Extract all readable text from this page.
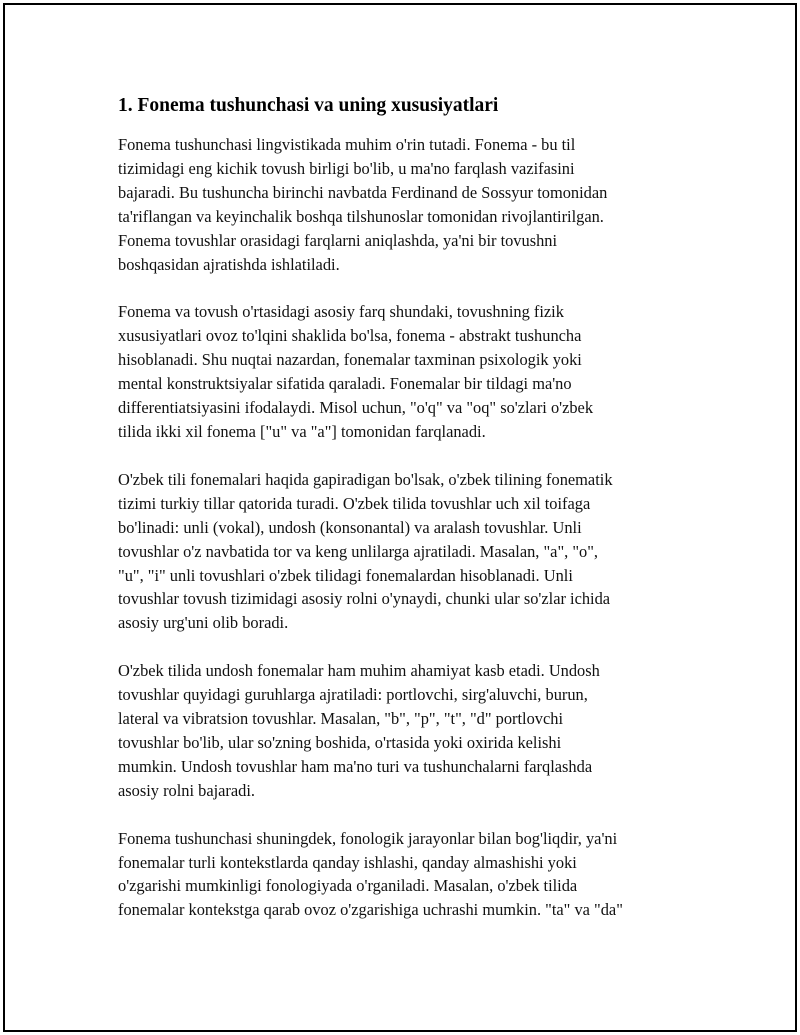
1. Fonema tushunchasi va uning xususiyatlari

Fonema tushunchasi lingvistikada muhim o'rin tutadi. Fonema - bu til
tizimidagi eng kichik tovush birligi bo'lib, u ma'no farqlash vazifasini
bajaradi. Bu tushuncha birinchi navbatda Ferdinand de Sossyur tomonidan
ta'riflangan va keyinchalik boshqa tilshunoslar tomonidan rivojlantirilgan.
Fonema tovushlar orasidagi farqlarni aniqlashda, ya'ni bir tovushni
boshqasidan ajratishda ishlatiladi.

Fonema va tovush o'rtasidagi asosiy farq shundaki, tovushning fizik
xususiyatlari ovoz to'lqini shaklida bo'lsa, fonema - abstrakt tushuncha
hisoblanadi. Shu nuqtai nazardan, fonemalar taxminan psixologik yoki
mental konstruktsiyalar sifatida qaraladi. Fonemalar bir tildagi ma'no
differentiatsiyasini ifodalaydi. Misol uchun, "o'q" va "oq" so'zlari o'zbek
tilida ikki xil fonema ["u" va "a"] tomonidan farqlanadi.

O'zbek tili fonemalari haqida gapiradigan bo'lsak, o'zbek tilining fonematik
tizimi turkiy tillar qatorida turadi. O'zbek tilida tovushlar uch xil toifaga
bo'linadi: unli (vokal), undosh (konsonantal) va aralash tovushlar. Unli
tovushlar o'z navbatida tor va keng unlilarga ajratiladi. Masalan, "a", "o",
"u", "i" unli tovushlari o'zbek tilidagi fonemalardan hisoblanadi. Unli
tovushlar tovush tizimidagi asosiy rolni o'ynaydi, chunki ular so'zlar ichida
asosiy urg'uni olib boradi.

O'zbek tilida undosh fonemalar ham muhim ahamiyat kasb etadi. Undosh
tovushlar quyidagi guruhlarga ajratiladi: portlovchi, sirg'aluvchi, burun,
lateral va vibratsion tovushlar. Masalan, "b", "p", "t", "d" portlovchi
tovushlar bo'lib, ular so'zning boshida, o'rtasida yoki oxirida kelishi
mumkin. Undosh tovushlar ham ma'no turi va tushunchalarni farqlashda
asosiy rolni bajaradi.

Fonema tushunchasi shuningdek, fonologik jarayonlar bilan bog'liqdir, ya'ni
fonemalar turli kontekstlarda qanday ishlashi, qanday almashishi yoki
o'zgarishi mumkinligi fonologiyada o'rganiladi. Masalan, o'zbek tilida
fonemalar kontekstga qarab ovoz o'zgarishiga uchrashi mumkin. "ta" va "da"
